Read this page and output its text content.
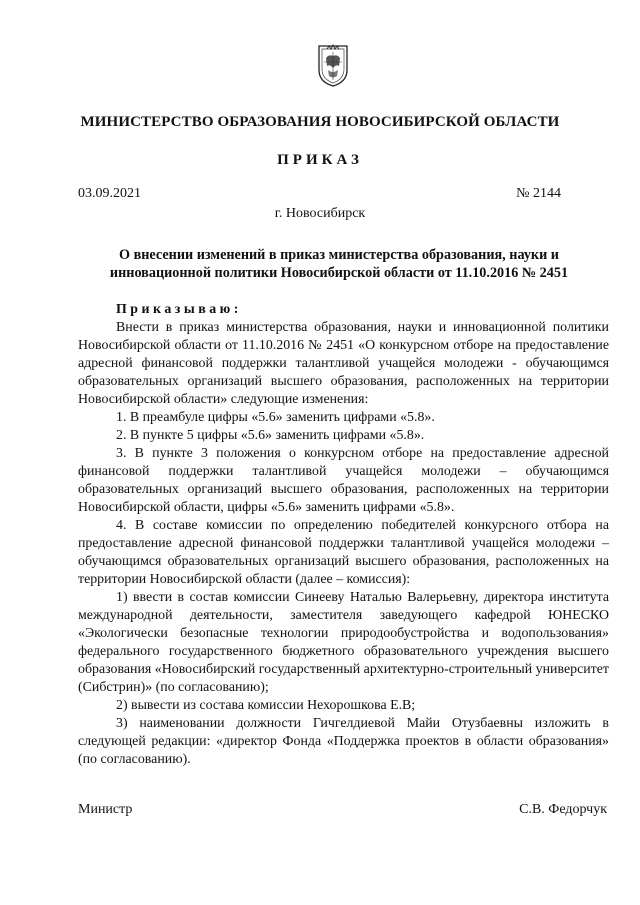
МИНИСТЕРСТВО ОБРАЗОВАНИЯ НОВОСИБИРСКОЙ ОБЛАСТИ
ПРИКАЗ
03.09.2021	№ 2144
г. Новосибирск
О внесении изменений в приказ министерства образования, науки и инновационной политики Новосибирской области от 11.10.2016 № 2451

Приказываю:

Внести в приказ министерства образования, науки и инновационной политики Новосибирской области от 11.10.2016 № 2451 «О конкурсном отборе на предоставление адресной финансовой поддержки талантливой учащейся молодежи - обучающимся образовательных организаций высшего образования, расположенных на территории Новосибирской области» следующие изменения:

1. В преамбуле цифры «5.6» заменить цифрами «5.8».

2. В пункте 5 цифры «5.6» заменить цифрами «5.8».

3. В пункте 3 положения о конкурсном отборе на предоставление адресной финансовой поддержки талантливой учащейся молодежи – обучающимся образовательных организаций высшего образования, расположенных на территории Новосибирской области, цифры «5.6» заменить цифрами «5.8».

4. В составе комиссии по определению победителей конкурсного отбора на предоставление адресной финансовой поддержки талантливой учащейся молодежи – обучающимся образовательных организаций высшего образования, расположенных на территории Новосибирской области (далее – комиссия):

1) ввести в состав комиссии Синееву Наталью Валерьевну, директора института международной деятельности, заместителя заведующего кафедрой ЮНЕСКО «Экологически безопасные технологии природообустройства и водопользования» федерального государственного бюджетного образовательного учреждения высшего образования «Новосибирский государственный архитектурно-строительный университет (Сибстрин)» (по согласованию);

2) вывести из состава комиссии Нехорошкова Е.В;

3) наименовании должности Гичгелдиевой Майи Отузбаевны изложить в следующей редакции: «директор Фонда «Поддержка проектов в области образования» (по согласованию).

Министр	С.В. Федорчук
